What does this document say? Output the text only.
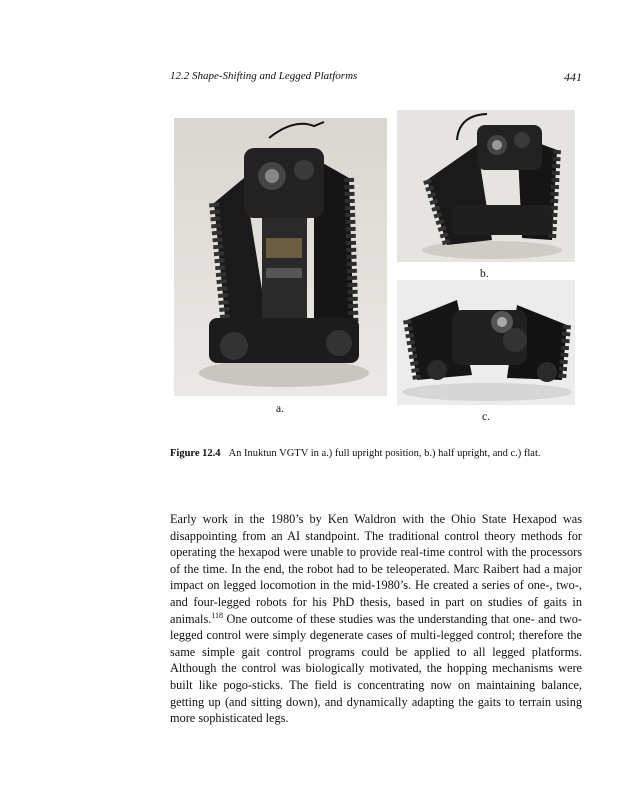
12.2 Shape-Shifting and Legged Platforms	441
a.
b.
c.
Figure 12.4 An Inuktun VGTV in a.) full upright position, b.) half upright, and c.) flat.
Early work in the 1980’s by Ken Waldron with the Ohio State Hexapod was disappointing from an AI standpoint. The traditional control theory methods for operating the hexapod were unable to provide real-time control with the processors of the time. In the end, the robot had to be teleoperated. Marc Raibert had a major impact on legged locomotion in the mid-1980’s. He created a series of one-, two-, and four-legged robots for his PhD thesis, based in part on studies of gaits in animals.$^{118}$ One outcome of these studies was the understanding that one- and two-legged control were simply degenerate cases of multi-legged control; therefore the same simple gait control programs could be applied to all legged platforms. Although the control was biologically motivated, the hopping mechanisms were built like pogo-sticks. The field is concentrating now on maintaining balance, getting up (and sitting down), and dynamically adapting the gaits to terrain using more sophisticated legs.
